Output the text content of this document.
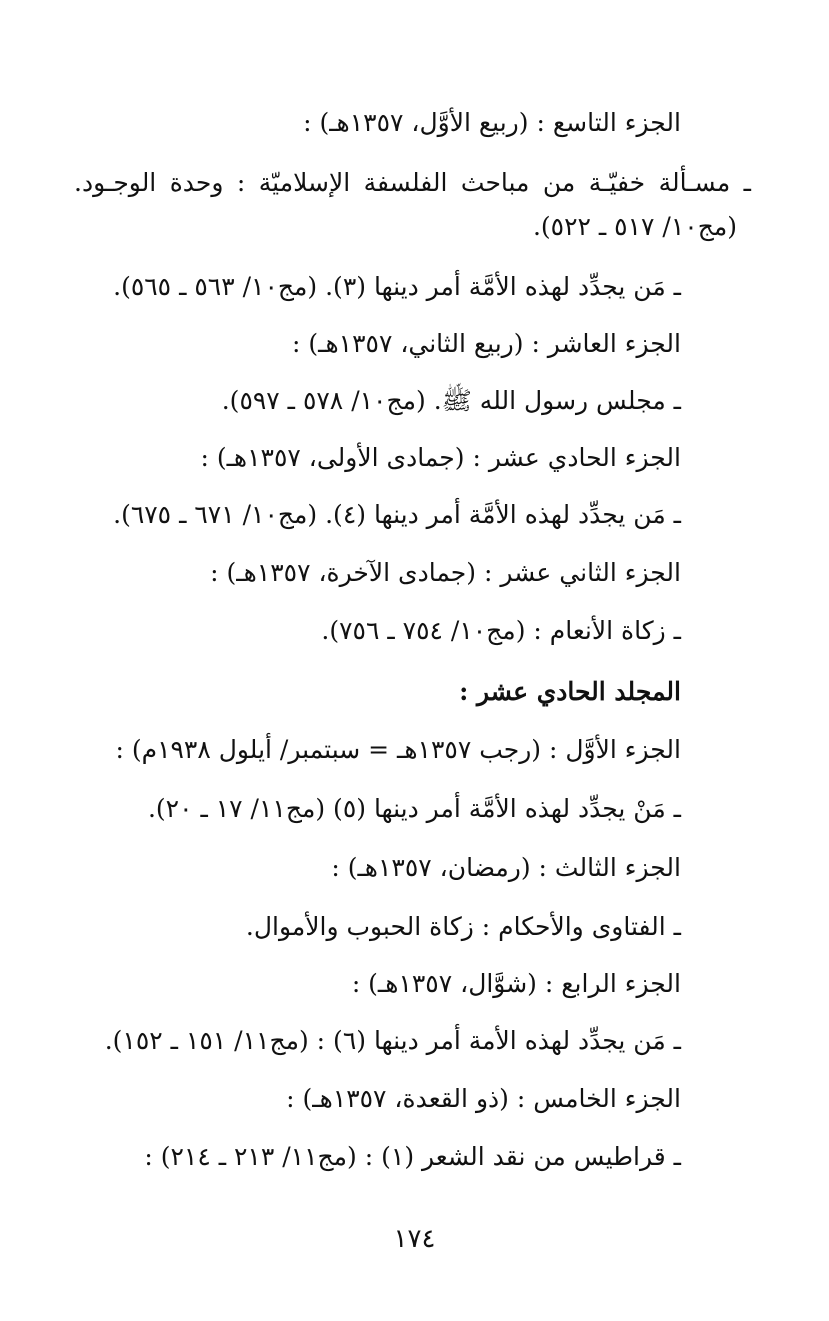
الجزء التاسع : (ربيع الأوَّل، ١٣٥٧هـ) :
ـ مسـألة خفيّـة من مباحث الفلسفة الإسلاميّة : وحدة الوجـود.
(مج١٠/ ٥١٧ ـ ٥٢٢).
ـ مَن يجدِّد لهذه الأمَّة أمر دينها (٣). (مج١٠/ ٥٦٣ ـ ٥٦٥).
الجزء العاشر : (ربيع الثاني، ١٣٥٧هـ) :
ـ مجلس رسول الله ﷺ. (مج١٠/ ٥٧٨ ـ ٥٩٧).
الجزء الحادي عشر : (جمادى الأولى، ١٣٥٧هـ) :
ـ مَن يجدِّد لهذه الأمَّة أمر دينها (٤). (مج١٠/ ٦٧١ ـ ٦٧٥).
الجزء الثاني عشر : (جمادى الآخرة، ١٣٥٧هـ) :
ـ زكاة الأنعام : (مج١٠/ ٧٥٤ ـ ٧٥٦).
المجلد الحادي عشر :
الجزء الأوَّل : (رجب ١٣٥٧هـ = سبتمبر/ أيلول ١٩٣٨م) :
ـ مَنْ يجدِّد لهذه الأمَّة أمر دينها (٥) (مج١١/ ١٧ ـ ٢٠).
الجزء الثالث : (رمضان، ١٣٥٧هـ) :
ـ الفتاوى والأحكام : زكاة الحبوب والأموال.
الجزء الرابع : (شوَّال، ١٣٥٧هـ) :
ـ مَن يجدِّد لهذه الأمة أمر دينها (٦) : (مج١١/ ١٥١ ـ ١٥٢).
الجزء الخامس : (ذو القعدة، ١٣٥٧هـ) :
ـ قراطيس من نقد الشعر (١) : (مج١١/ ٢١٣ ـ ٢١٤) :
١٧٤
